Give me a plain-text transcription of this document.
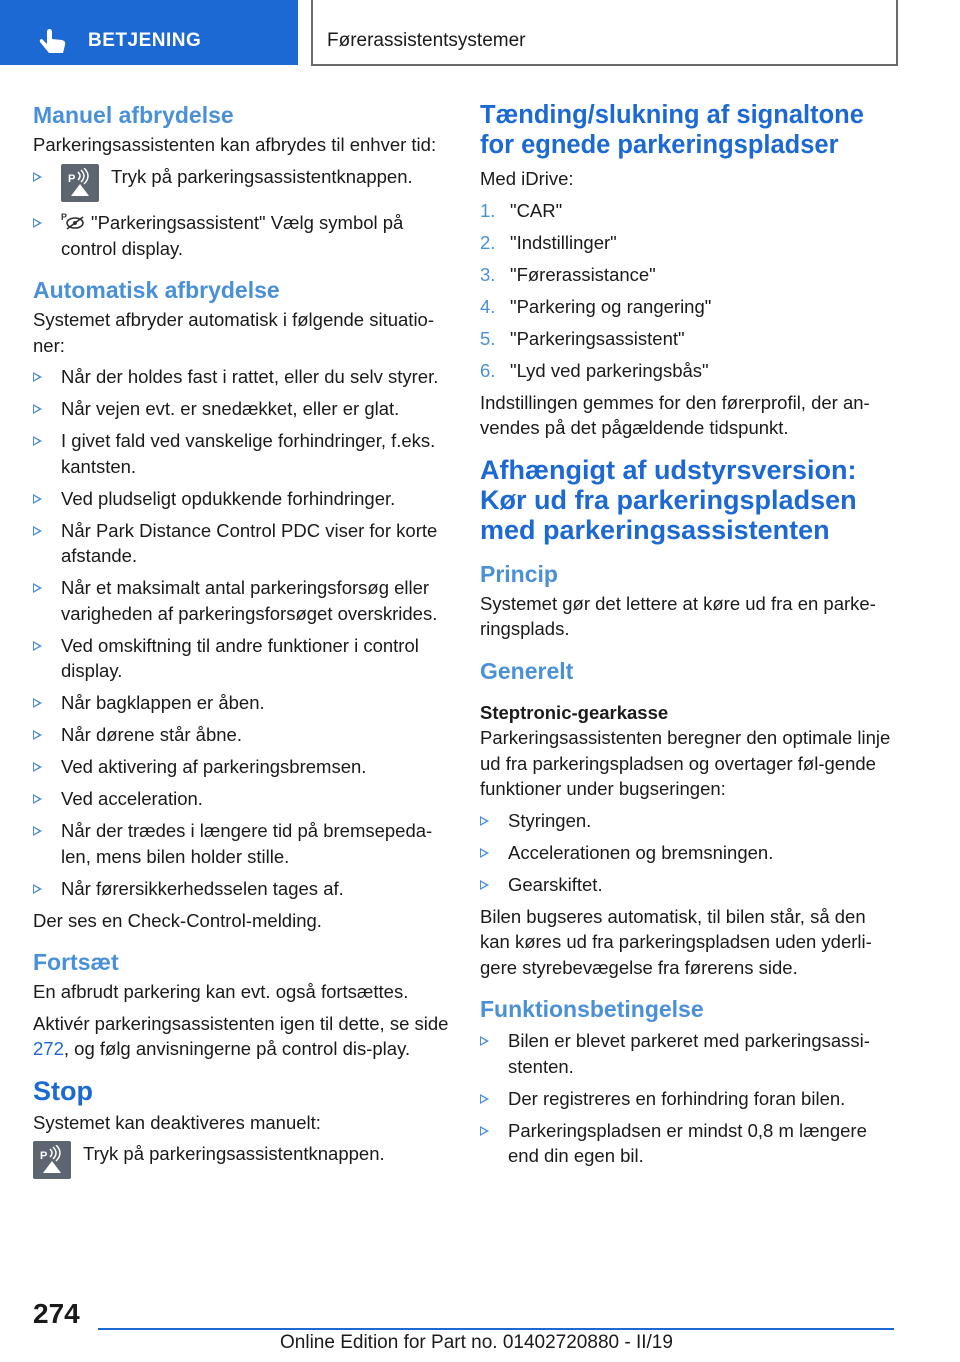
BETJENING	Førerassistentsystemer
Manuel afbrydelse

Parkeringsassistenten kan afbrydes til enhver tid:

P Tryk på parkeringsassistentknappen.
P "Parkeringsassistent" Vælg symbol på control display.
Automatisk afbrydelse

Systemet afbryder automatisk i følgende situatio-ner:

Når der holdes fast i rattet, eller du selv styrer.
Når vejen evt. er snedækket, eller er glat.
I givet fald ved vanskelige forhindringer, f.eks. kantsten.
Ved pludseligt opdukkende forhindringer.
Når Park Distance Control PDC viser for korte afstande.
Når et maksimalt antal parkeringsforsøg eller varigheden af parkeringsforsøget overskrides.
Ved omskiftning til andre funktioner i control display.
Når bagklappen er åben.
Når dørene står åbne.
Ved aktivering af parkeringsbremsen.
Ved acceleration.
Når der trædes i længere tid på bremsepeda-len, mens bilen holder stille.
Når førersikkerhedsselen tages af.

Der ses en Check-Control-melding.

Fortsæt

En afbrudt parkering kan evt. også fortsættes.

Aktivér parkeringsassistenten igen til dette, se side 272, og følg anvisningerne på control dis-play.

Stop

Systemet kan deaktiveres manuelt:

P Tryk på parkeringsassistentknappen.
Tænding/slukning af signaltone for egnede parkeringspladser

Med iDrive:

1. "CAR"
2. "Indstillinger"
3. "Førerassistance"
4. "Parkering og rangering"
5. "Parkeringsassistent"
6. "Lyd ved parkeringsbås"

Indstillingen gemmes for den førerprofil, der an-vendes på det pågældende tidspunkt.

Afhængigt af udstyrsversion: Kør ud fra parkeringspladsen med parkeringsassistenten
Princip

Systemet gør det lettere at køre ud fra en parke-ringsplads.

Generelt
Steptronic-gearkasse

Parkeringsassistenten beregner den optimale linje ud fra parkeringspladsen og overtager føl-gende funktioner under bugseringen:

Styringen.
Accelerationen og bremsningen.
Gearskiftet.

Bilen bugseres automatisk, til bilen står, så den kan køres ud fra parkeringspladsen uden yderli-gere styrebevægelse fra førerens side.

Funktionsbetingelse
Bilen er blevet parkeret med parkeringsassi-stenten.
Der registreres en forhindring foran bilen.
Parkeringspladsen er mindst 0,8 m længere end din egen bil.
274
Online Edition for Part no. 01402720880 - II/19
